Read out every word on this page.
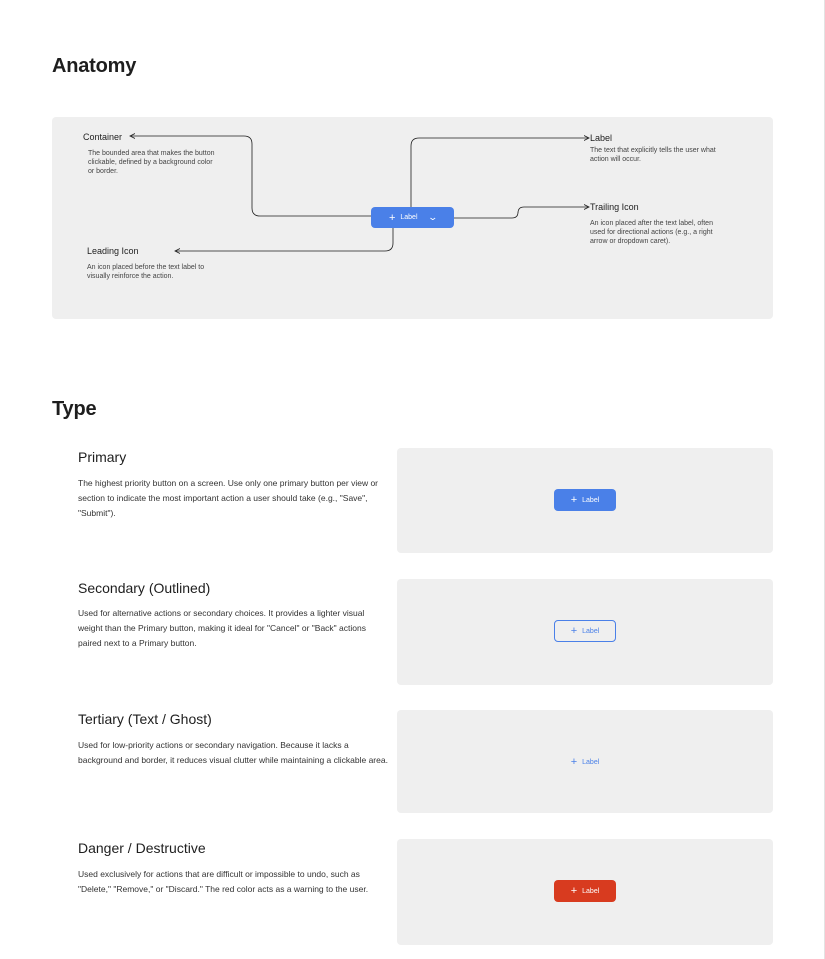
Anatomy
Container
The bounded area that makes the button clickable, defined by a background color or border.
Label
The text that explicitly tells the user what action will occur.
Trailing Icon
An icon placed after the text label, often used for directional actions (e.g., a right arrow or dropdown caret).
Leading Icon
An icon placed before the text label to visually reinforce the action.
+ Label ⌄
Type
Primary
The highest priority button on a screen. Use only one primary button per view or section to indicate the most important action a user should take (e.g., "Save", "Submit").
+ Label
Secondary (Outlined)
Used for alternative actions or secondary choices. It provides a lighter visual weight than the Primary button, making it ideal for "Cancel" or "Back" actions paired next to a Primary button.
+ Label
Tertiary (Text / Ghost)
Used for low-priority actions or secondary navigation. Because it lacks a background and border, it reduces visual clutter while maintaining a clickable area.	+ Label
Danger / Destructive
Used exclusively for actions that are difficult or impossible to undo, such as "Delete," "Remove," or "Discard." The red color acts as a warning to the user.	+ Label
